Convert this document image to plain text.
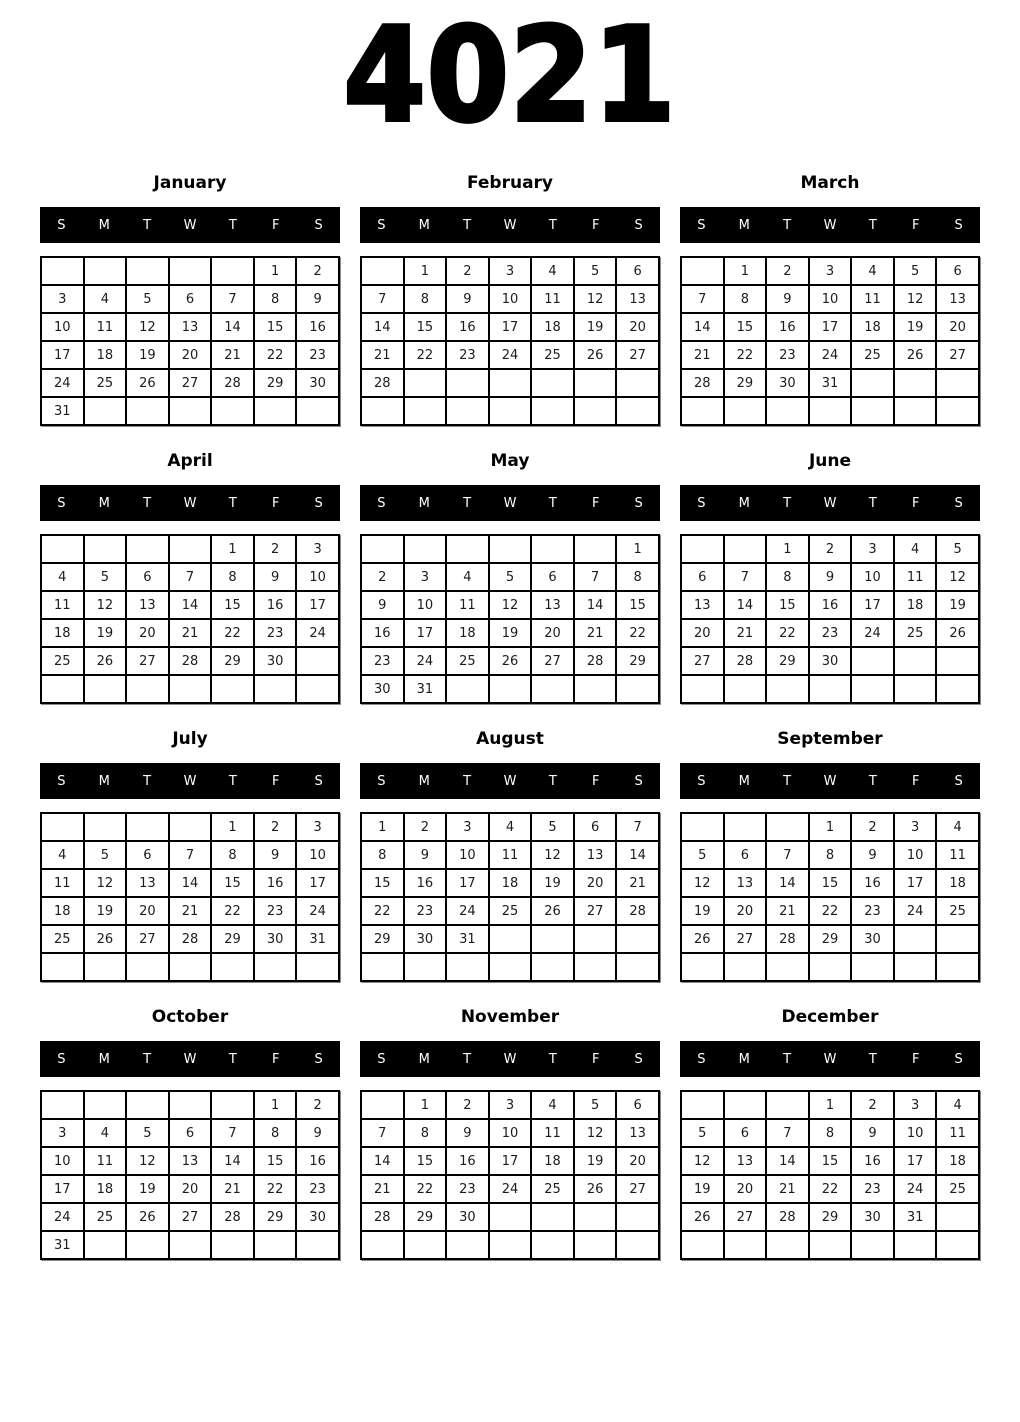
4021
January
S	M	T W T	F	S
					1	2
3	4	5	6	7	8	9
10	11	12	13	14	15	16
17	18	19	20	21	22	23
24	25	26	27	28	29	30
31						
February
S	M	T W T	F	S
	1	2	3	4	5	6
7	8	9	10	11	12	13
14	15	16	17	18	19	20
21	22	23	24	25	26	27
28						

March
S	M	T W T	F	S
	1	2	3	4	5	6
7	8	9	10	11	12	13
14	15	16	17	18	19	20
21	22	23	24	25	26	27
28	29	30	31			

April
S	M	T W T	F	S
				1	2	3
4	5	6	7	8	9	10
11	12	13	14	15	16	17
18	19	20	21	22	23	24
25	26	27	28	29	30	

May
S	M	T W T	F	S
						1
2	3	4	5	6	7	8
9	10	11	12	13	14	15
16	17	18	19	20	21	22
23	24	25	26	27	28	29
30	31					
June
S	M	T W T	F	S
		1	2	3	4	5
6	7	8	9	10	11	12
13	14	15	16	17	18	19
20	21	22	23	24	25	26
27	28	29	30			

July
S	M	T W T	F	S
				1	2	3
4	5	6	7	8	9	10
11	12	13	14	15	16	17
18	19	20	21	22	23	24
25	26	27	28	29	30	31

August
S	M	T W T	F	S
1	2	3	4	5	6	7
8	9	10	11	12	13	14
15	16	17	18	19	20	21
22	23	24	25	26	27	28
29	30	31				

September
S	M	T W T	F	S
			1	2	3	4
5	6	7	8	9	10	11
12	13	14	15	16	17	18
19	20	21	22	23	24	25
26	27	28	29	30		

October
S	M	T W T	F	S
					1	2
3	4	5	6	7	8	9
10	11	12	13	14	15	16
17	18	19	20	21	22	23
24	25	26	27	28	29	30
31						
November
S	M	T W T	F	S
	1	2	3	4	5	6
7	8	9	10	11	12	13
14	15	16	17	18	19	20
21	22	23	24	25	26	27
28	29	30				

December
S	M	T W T	F	S
			1	2	3	4
5	6	7	8	9	10	11
12	13	14	15	16	17	18
19	20	21	22	23	24	25
26	27	28	29	30	31	
